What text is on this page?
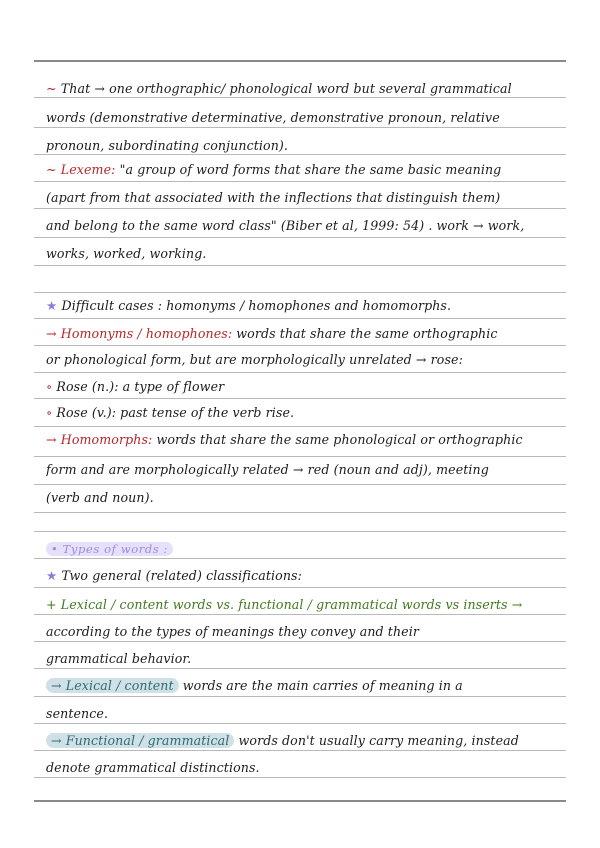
~ That → one orthographic/ phonological word but several grammatical
words (demonstrative determinative, demonstrative pronoun, relative
pronoun, subordinating conjunction).
~ Lexeme: "a group of word forms that share the same basic meaning
(apart from that associated with the inflections that distinguish them)
and belong to the same word class" (Biber et al, 1999: 54) . work → work,
works, worked, working.
★ Difficult cases : homonyms / homophones and homomorphs.
→ Homonyms / homophones: words that share the same orthographic
or phonological form, but are morphologically unrelated → rose:
∘ Rose (n.): a type of flower
∘ Rose (v.): past tense of the verb rise.
→ Homomorphs: words that share the same phonological or orthographic
form and are morphologically related → red (noun and adj), meeting
(verb and noun).
• Types of words :
★ Two general (related) classifications:
+ Lexical / content words vs. functional / grammatical words vs inserts →
according to the types of meanings they convey and their
grammatical behavior.
→ Lexical / content words are the main carries of meaning in a
sentence.
→ Functional / grammatical words don't usually carry meaning, instead
denote grammatical distinctions.
